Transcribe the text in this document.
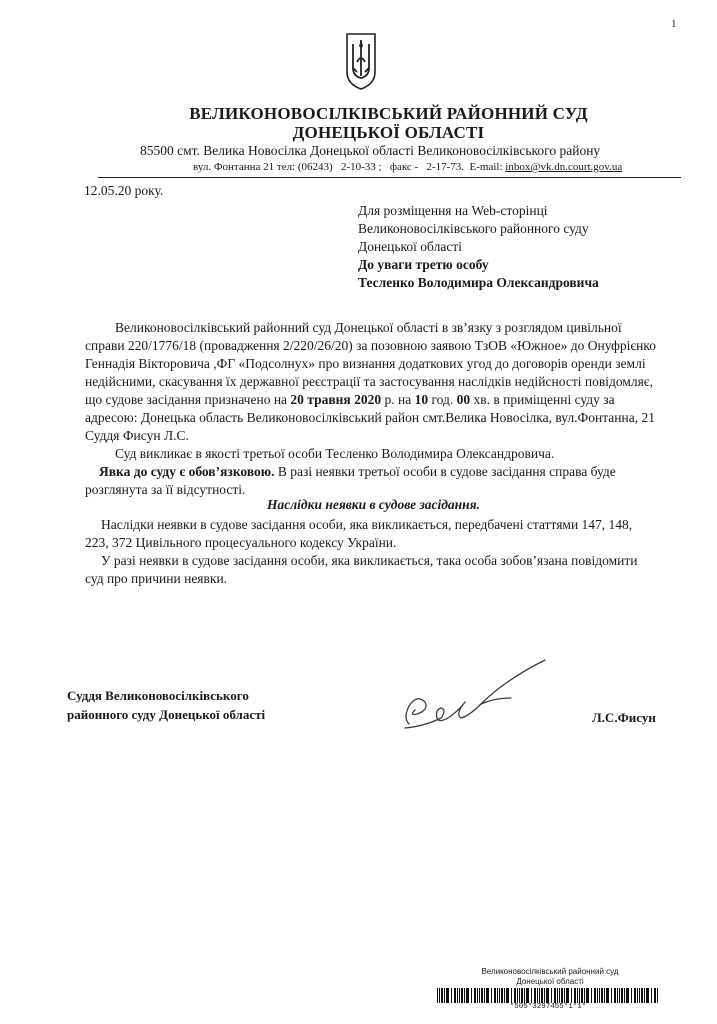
1
ВЕЛИКОНОВОСІЛКІВСЬКИЙ РАЙОННИЙ СУД
ДОНЕЦЬКОЇ ОБЛАСТІ
85500 смт. Велика Новосілка Донецької області Великоновосілківського району
вул. Фонтанна 21 тел: (06243)   2-10-33 ;   факс -   2-17-73.  E-mail: inbox@vk.dn.court.gov.ua
12.05.20 року.
Для розміщення на Web-сторінці
Великоновосілківського районного суду
Донецької області
До уваги третю особу
Тесленко Володимира Олександровича
Великоновосілківський районний суд Донецької області в зв’язку з розглядом цивільної
справи 220/1776/18 (провадження 2/220/26/20) за позовною заявою ТзОВ «Южное» до Онуфрієнко
Геннадія Вікторовича ,ФГ «Подсолнух» про визнання додаткових угод до договорів оренди землі
недійсними, скасування їх державної реєстрації та застосування наслідків недійсності повідомляє,
що судове засідання призначено на 20 травня 2020 р. на 10 год. 00 хв. в приміщенні суду за
адресою: Донецька область Великоновосілківський район смт.Велика Новосілка, вул.Фонтанна, 21
Суддя Фисун Л.С.
Суд викликає в якості третьої особи Тесленко Володимира Олександровича.
Явка до суду є обов’язковою. В разі неявки третьої особи в судове засідання справа буде
розглянута за її відсутності.
Наслідки неявки в судове засідання.
Наслідки неявки в судове засідання особи, яка викликається, передбачені статтями 147, 148,
223, 372 Цивільного процесуального кодексу України.
У разі неявки в судове засідання особи, яка викликається, така особа зобов’язана повідомити
суд про причини неявки.
Суддя Великоновосілківського
районного суду Донецької області	Л.С.Фисун
Великоновосілківський районний суд
Донецької області
*505*3297455*1*1*
